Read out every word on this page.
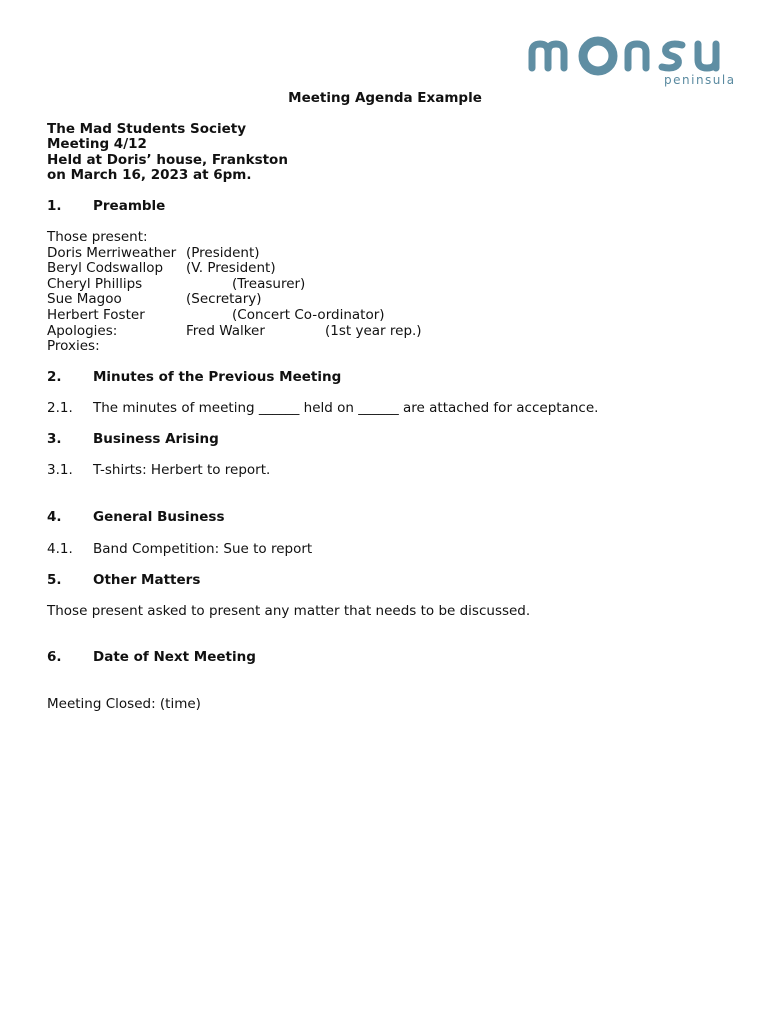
peninsula
Meeting Agenda Example
The Mad Students Society
Meeting 4/12
Held at Doris’ house, Frankston
on March 16, 2023 at 6pm.
1. Preamble
Those present:
Doris Merriweather (President)
Beryl Codswallop (V. President)
Cheryl Phillips	(Treasurer)
Sue Magoo	(Secretary)
Herbert Foster	(Concert Co-ordinator)
Apologies:	Fred Walker	(1st year rep.)
Proxies:
2. Minutes of the Previous Meeting
2.1. The minutes of meeting ______ held on ______ are attached for acceptance.
3. Business Arising
3.1. T-shirts: Herbert to report.
4. General Business
4.1. Band Competition: Sue to report
5. Other Matters
Those present asked to present any matter that needs to be discussed.
6. Date of Next Meeting
Meeting Closed: (time)
